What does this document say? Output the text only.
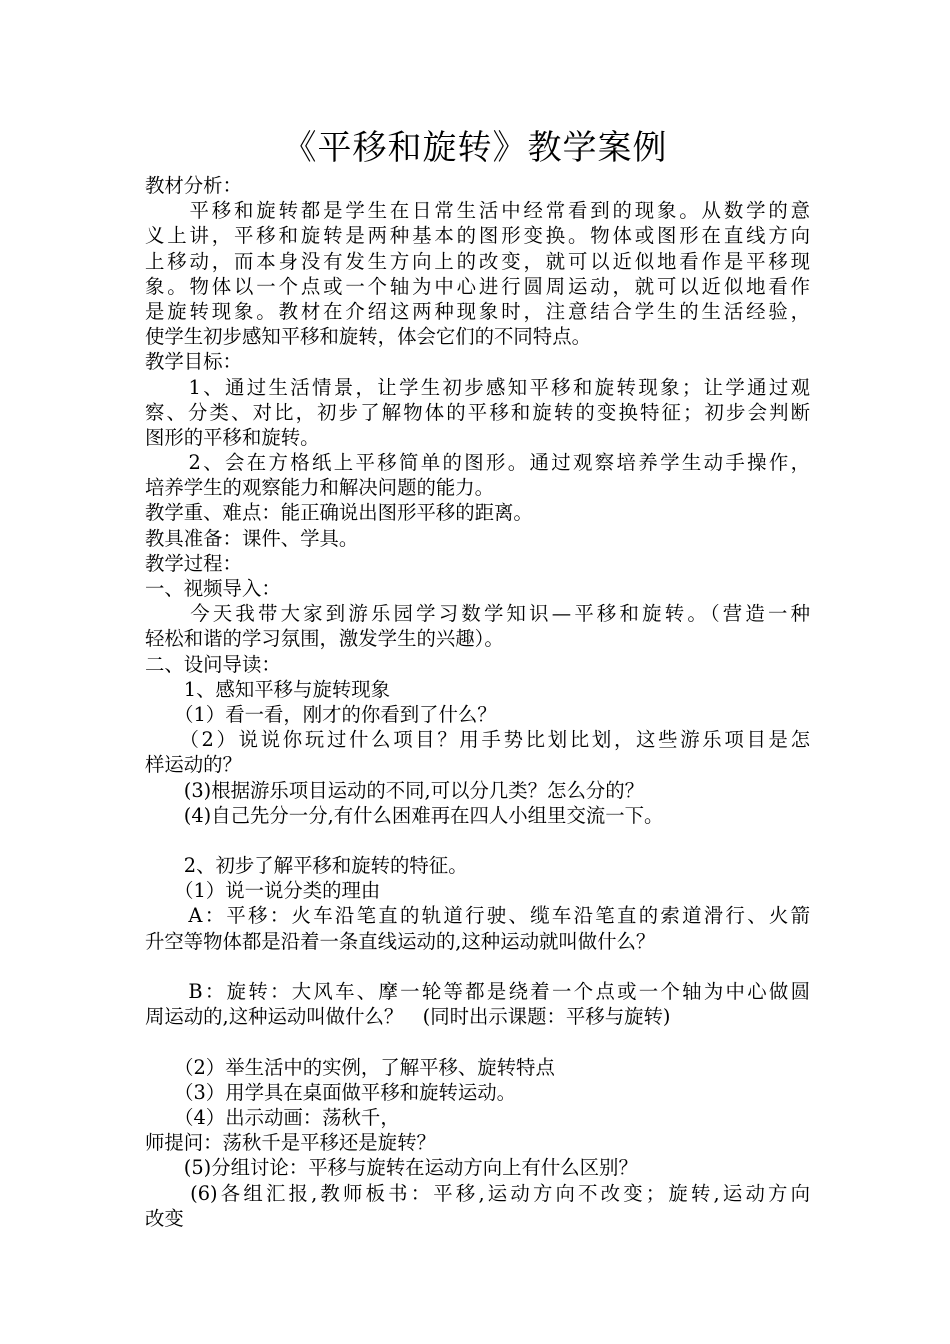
《平移和旋转》教学案例
教材分析：
　　平移和旋转都是学生在日常生活中经常看到的现象。从数学的意
义上讲，平移和旋转是两种基本的图形变换。物体或图形在直线方向
上移动，而本身没有发生方向上的改变，就可以近似地看作是平移现
象。物体以一个点或一个轴为中心进行圆周运动，就可以近似地看作
是旋转现象。教材在介绍这两种现象时，注意结合学生的生活经验，
使学生初步感知平移和旋转，体会它们的不同特点。
教学目标：
　　1、通过生活情景，让学生初步感知平移和旋转现象；让学通过观
察、分类、对比，初步了解物体的平移和旋转的变换特征；初步会判断
图形的平移和旋转。
　　2、会在方格纸上平移简单的图形。通过观察培养学生动手操作，
培养学生的观察能力和解决问题的能力。
教学重、难点：能正确说出图形平移的距离。
教具准备：课件、学具。
教学过程：
一、视频导入：
　　今天我带大家到游乐园学习数学知识—平移和旋转。（营造一种
轻松和谐的学习氛围，激发学生的兴趣）。
二、设问导读：
　　1、感知平移与旋转现象
　　（1）看一看，刚才的你看到了什么？
　　（2）说说你玩过什么项目？用手势比划比划，这些游乐项目是怎
样运动的？
　　(3)根据游乐项目运动的不同,可以分几类？怎么分的？
　　(4)自己先分一分,有什么困难再在四人小组里交流一下。
　　2、初步了解平移和旋转的特征。
　　（1）说一说分类的理由
　　A：平移：火车沿笔直的轨道行驶、缆车沿笔直的索道滑行、火箭
升空等物体都是沿着一条直线运动的,这种运动就叫做什么？
　　B：旋转：大风车、摩一轮等都是绕着一个点或一个轴为中心做圆
周运动的,这种运动叫做什么？　(同时出示课题：平移与旋转)
　　（2）举生活中的实例，了解平移、旋转特点
　　（3）用学具在桌面做平移和旋转运动。
　　（4）出示动画：荡秋千，
师提问：荡秋千是平移还是旋转？
　　(5)分组讨论：平移与旋转在运动方向上有什么区别？
　　(6)各组汇报,教师板书：平移,运动方向不改变；旋转,运动方向
改变
